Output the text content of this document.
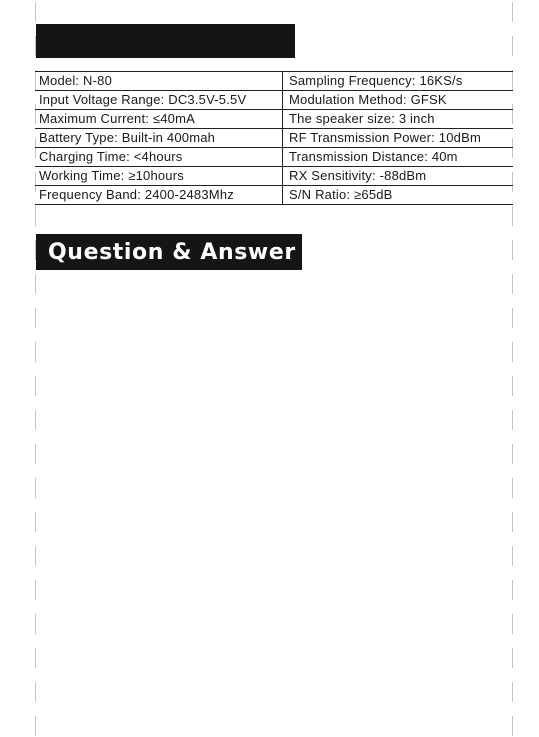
Model: N-80	Sampling Frequency: 16KS/s
Input Voltage Range: DC3.5V-5.5V	Modulation Method: GFSK
Maximum Current: ≤40mA	The speaker size: 3 inch
Battery Type: Built-in 400mah	RF Transmission Power: 10dBm
Charging Time: <4hours	Transmission Distance: 40m
Working Time: ≥10hours	RX Sensitivity: -88dBm
Frequency Band: 2400-2483Mhz	S/N Ratio: ≥65dB
Question & Answer
